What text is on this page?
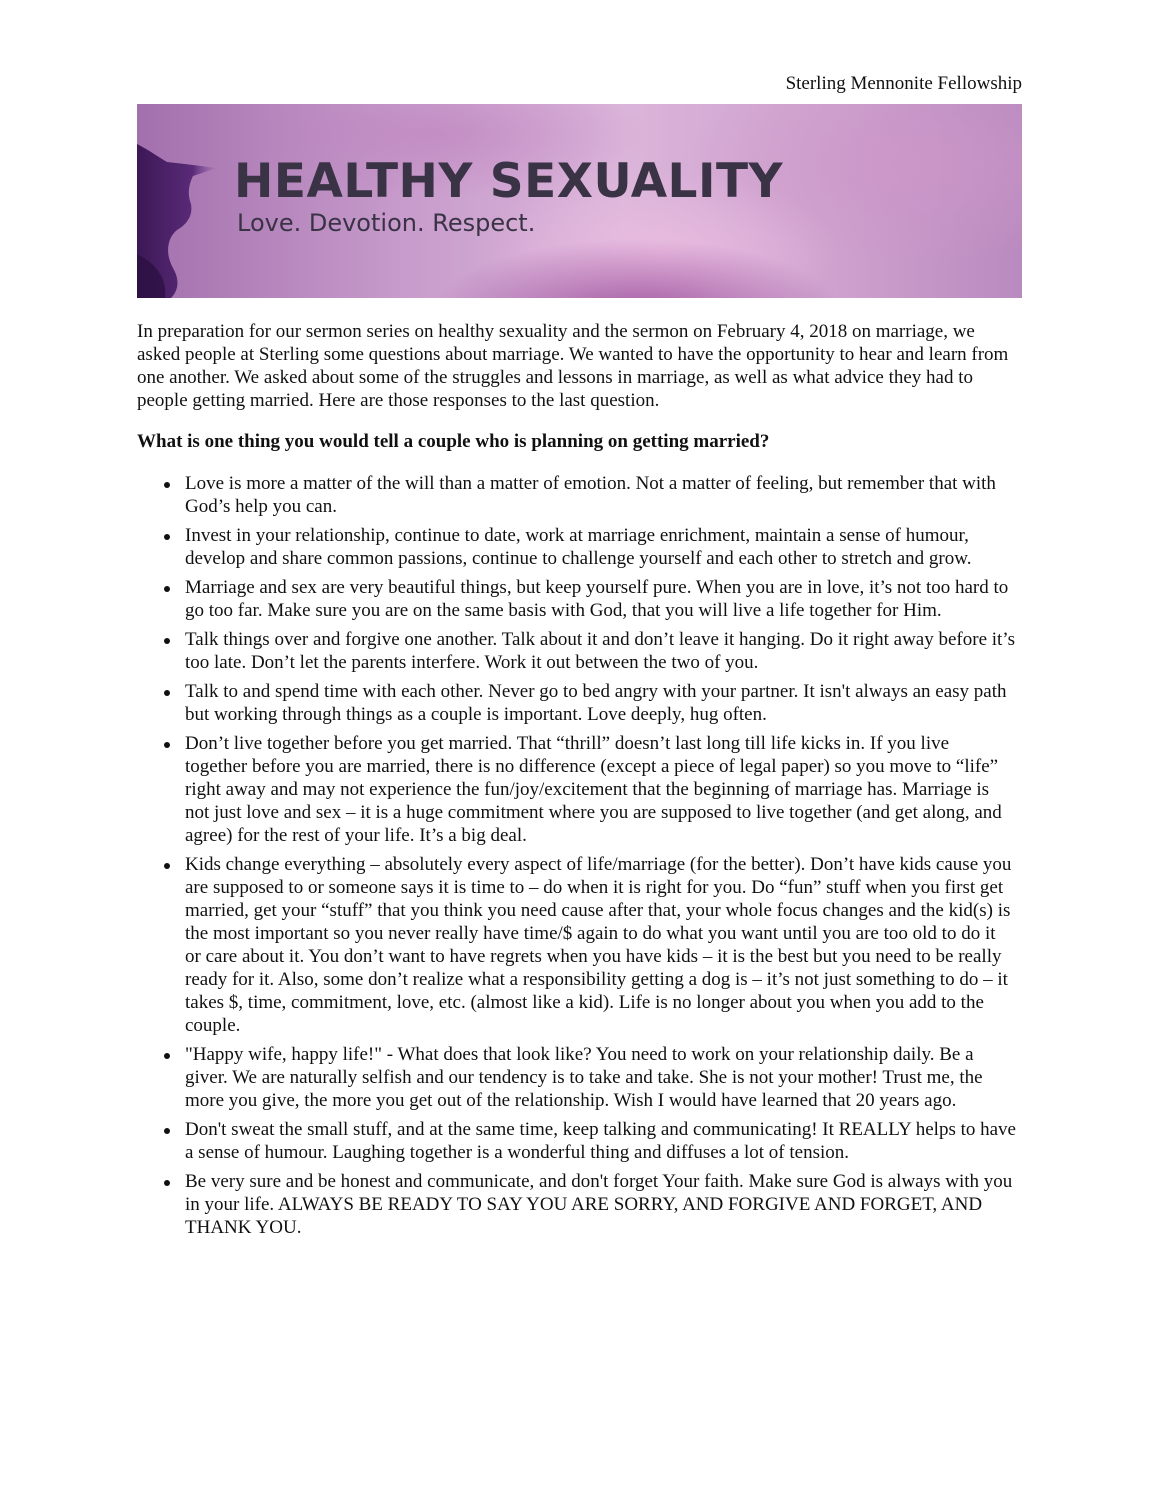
Sterling Mennonite Fellowship
HEALTHY SEXUALITY
Love. Devotion. Respect.

In preparation for our sermon series on healthy sexuality and the sermon on February 4, 2018 on marriage, we asked people at Sterling some questions about marriage. We wanted to have the opportunity to hear and learn from one another. We asked about some of the struggles and lessons in marriage, as well as what advice they had to people getting married. Here are those responses to the last question.

What is one thing you would tell a couple who is planning on getting married?

Love is more a matter of the will than a matter of emotion. Not a matter of feeling, but remember that with God’s help you can.
Invest in your relationship, continue to date, work at marriage enrichment, maintain a sense of humour, develop and share common passions, continue to challenge yourself and each other to stretch and grow.
Marriage and sex are very beautiful things, but keep yourself pure. When you are in love, it’s not too hard to go too far. Make sure you are on the same basis with God, that you will live a life together for Him.
Talk things over and forgive one another. Talk about it and don’t leave it hanging. Do it right away before it’s too late. Don’t let the parents interfere. Work it out between the two of you.
Talk to and spend time with each other. Never go to bed angry with your partner. It isn't always an easy path but working through things as a couple is important. Love deeply, hug often.
Don’t live together before you get married. That “thrill” doesn’t last long till life kicks in. If you live together before you are married, there is no difference (except a piece of legal paper) so you move to “life” right away and may not experience the fun/joy/excitement that the beginning of marriage has. Marriage is not just love and sex – it is a huge commitment where you are supposed to live together (and get along, and agree) for the rest of your life. It’s a big deal.
Kids change everything – absolutely every aspect of life/marriage (for the better). Don’t have kids cause you are supposed to or someone says it is time to – do when it is right for you. Do “fun” stuff when you first get married, get your “stuff” that you think you need cause after that, your whole focus changes and the kid(s) is the most important so you never really have time/$ again to do what you want until you are too old to do it or care about it. You don’t want to have regrets when you have kids – it is the best but you need to be really ready for it. Also, some don’t realize what a responsibility getting a dog is – it’s not just something to do – it takes $, time, commitment, love, etc. (almost like a kid). Life is no longer about you when you add to the couple.
"Happy wife, happy life!" - What does that look like? You need to work on your relationship daily. Be a giver. We are naturally selfish and our tendency is to take and take. She is not your mother! Trust me, the more you give, the more you get out of the relationship. Wish I would have learned that 20 years ago.
Don't sweat the small stuff, and at the same time, keep talking and communicating! It REALLY helps to have a sense of humour. Laughing together is a wonderful thing and diffuses a lot of tension.
Be very sure and be honest and communicate, and don't forget Your faith. Make sure God is always with you in your life. ALWAYS BE READY TO SAY YOU ARE SORRY, AND FORGIVE AND FORGET, AND THANK YOU.
